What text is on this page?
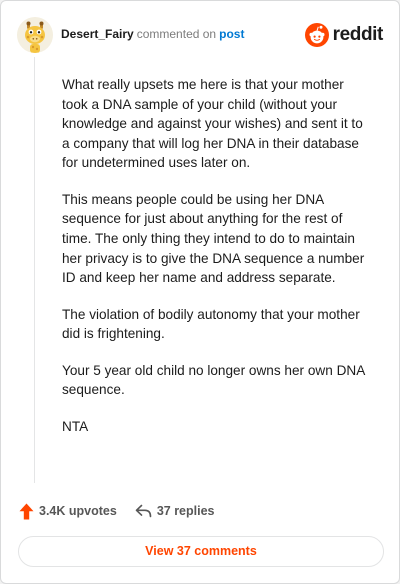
Desert_Fairy commented on post	reddit

What really upsets me here is that your mother took a DNA sample of your child (without your knowledge and against your wishes) and sent it to a company that will log her DNA in their database for undetermined uses later on.

This means people could be using her DNA sequence for just about anything for the rest of time. The only thing they intend to do to maintain her privacy is to give the DNA sequence a number ID and keep her name and address separate.

The violation of bodily autonomy that your mother did is frightening.

Your 5 year old child no longer owns her own DNA sequence.

NTA

3.4K upvotes	37 replies
View 37 comments
